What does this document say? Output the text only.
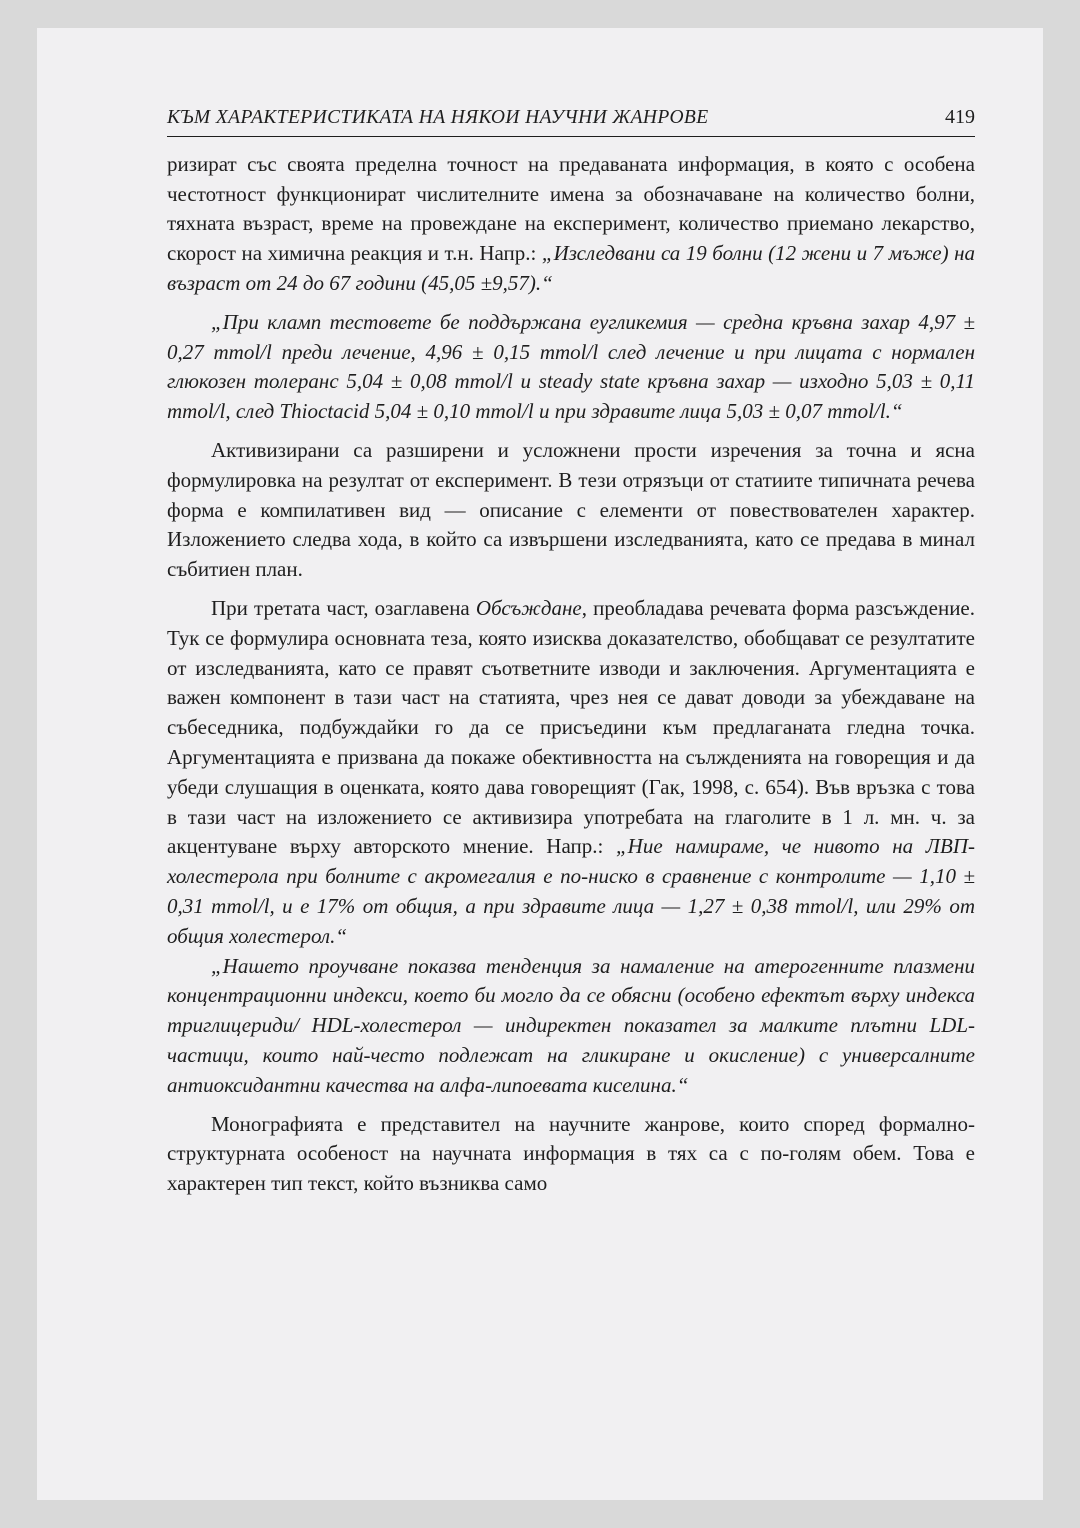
КЪМ ХАРАКТЕРИСТИКАТА НА НЯКОИ НАУЧНИ ЖАНРОВЕ	419

ризират със своята пределна точност на предаваната информация, в която с особена честотност функционират числителните имена за обозначаване на количество болни, тяхната възраст, време на провеждане на експеримент, количество приемано лекарство, скорост на химична реакция и т.н. Напр.: „Изследвани са 19 болни (12 жени и 7 мъже) на възраст от 24 до 67 години (45,05 ±9,57).“

„При кламп тестовете бе поддържана еугликемия — средна кръвна захар 4,97 ± 0,27 mmol/l преди лечение, 4,96 ± 0,15 mmol/l след лечение и при лицата с нормален глюкозен толеранс 5,04 ± 0,08 mmol/l и steady state кръвна захар — изходно 5,03 ± 0,11 mmol/l, след Thioctacid 5,04 ± 0,10 mmol/l и при здравите лица 5,03 ± 0,07 mmol/l.“

Активизирани са разширени и усложнени прости изречения за точна и ясна формулировка на резултат от експеримент. В тези отрязъци от статиите типичната речева форма е компилативен вид — описание с елементи от повествователен характер. Изложението следва хода, в който са извършени изследванията, като се предава в минал събитиен план.

При третата част, озаглавена Обсъждане, преобладава речевата форма разсъждение. Тук се формулира основната теза, която изисква доказателство, обобщават се резултатите от изследванията, като се правят съответните изводи и заключения. Аргументацията е важен компонент в тази част на статията, чрез нея се дават доводи за убеждаване на събеседника, подбуждайки го да се присъедини към предлаганата гледна точка. Аргументацията е призвана да покаже обективността на сължденията на говорещия и да убеди слушащия в оценката, която дава говорещият (Гак, 1998, с. 654). Във връзка с това в тази част на изложението се активизира употребата на глаголите в 1 л. мн. ч. за акцентуване върху авторското мнение. Напр.: „Ние намираме, че нивото на ЛВП-холестерола при болните с акромегалия е по-ниско в сравнение с контролите — 1,10 ± 0,31 mmol/l, и е 17% от общия, а при здравите лица — 1,27 ± 0,38 mmol/l, или 29% от общия холестерол.“

„Нашето проучване показва тенденция за намаление на атерогенните плазмени концентрационни индекси, което би могло да се обясни (особено ефектът върху индекса триглицериди/ HDL-холестерол — индиректен показател за малките плътни LDL-частици, които най-често подлежат на гликиране и окисление) с универсалните антиоксидантни качества на алфа-липоевата киселина.“

Монографията е представител на научните жанрове, които според формално-структурната особеност на научната информация в тях са с по-голям обем. Това е характерен тип текст, който възниква само
